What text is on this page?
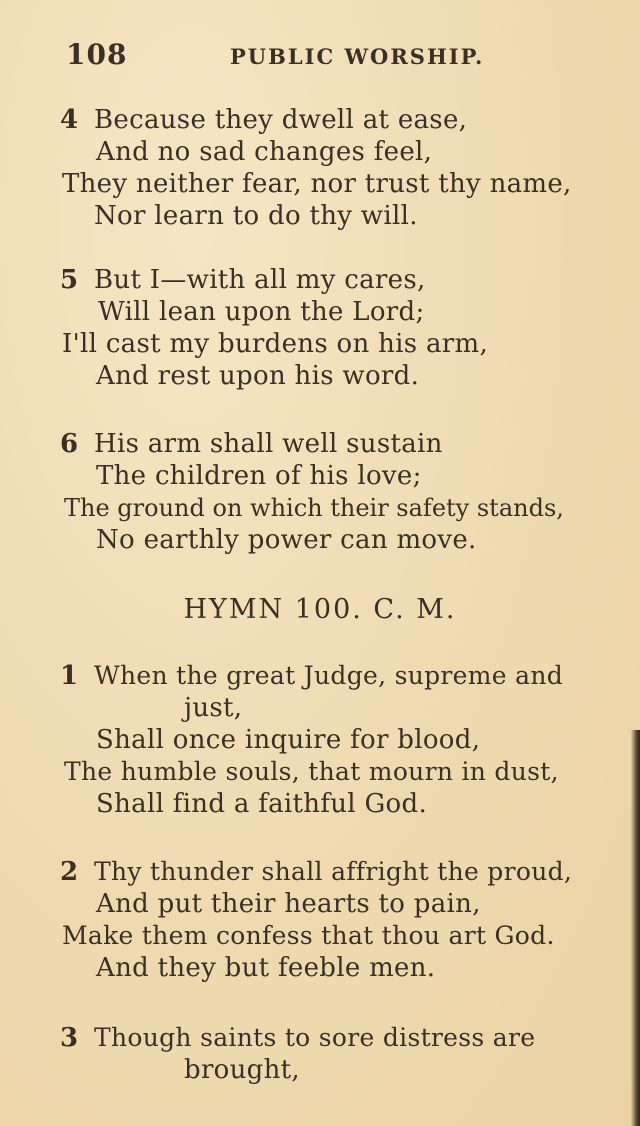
108	PUBLIC WORSHIP.
4 Because they dwell at ease,
And no sad changes feel,
They neither fear, nor trust thy name,
Nor learn to do thy will.
5 But I—with all my cares,
Will lean upon the Lord;
I'll cast my burdens on his arm,
And rest upon his word.
6 His arm shall well sustain
The children of his love;
The ground on which their safety stands,
No earthly power can move.
HYMN 100. C. M.
1 When the great Judge, supreme and
just,
Shall once inquire for blood,
The humble souls, that mourn in dust,
Shall find a faithful God.
2 Thy thunder shall affright the proud,
And put their hearts to pain,
Make them confess that thou art God.
And they but feeble men.
3 Though saints to sore distress are
brought,
